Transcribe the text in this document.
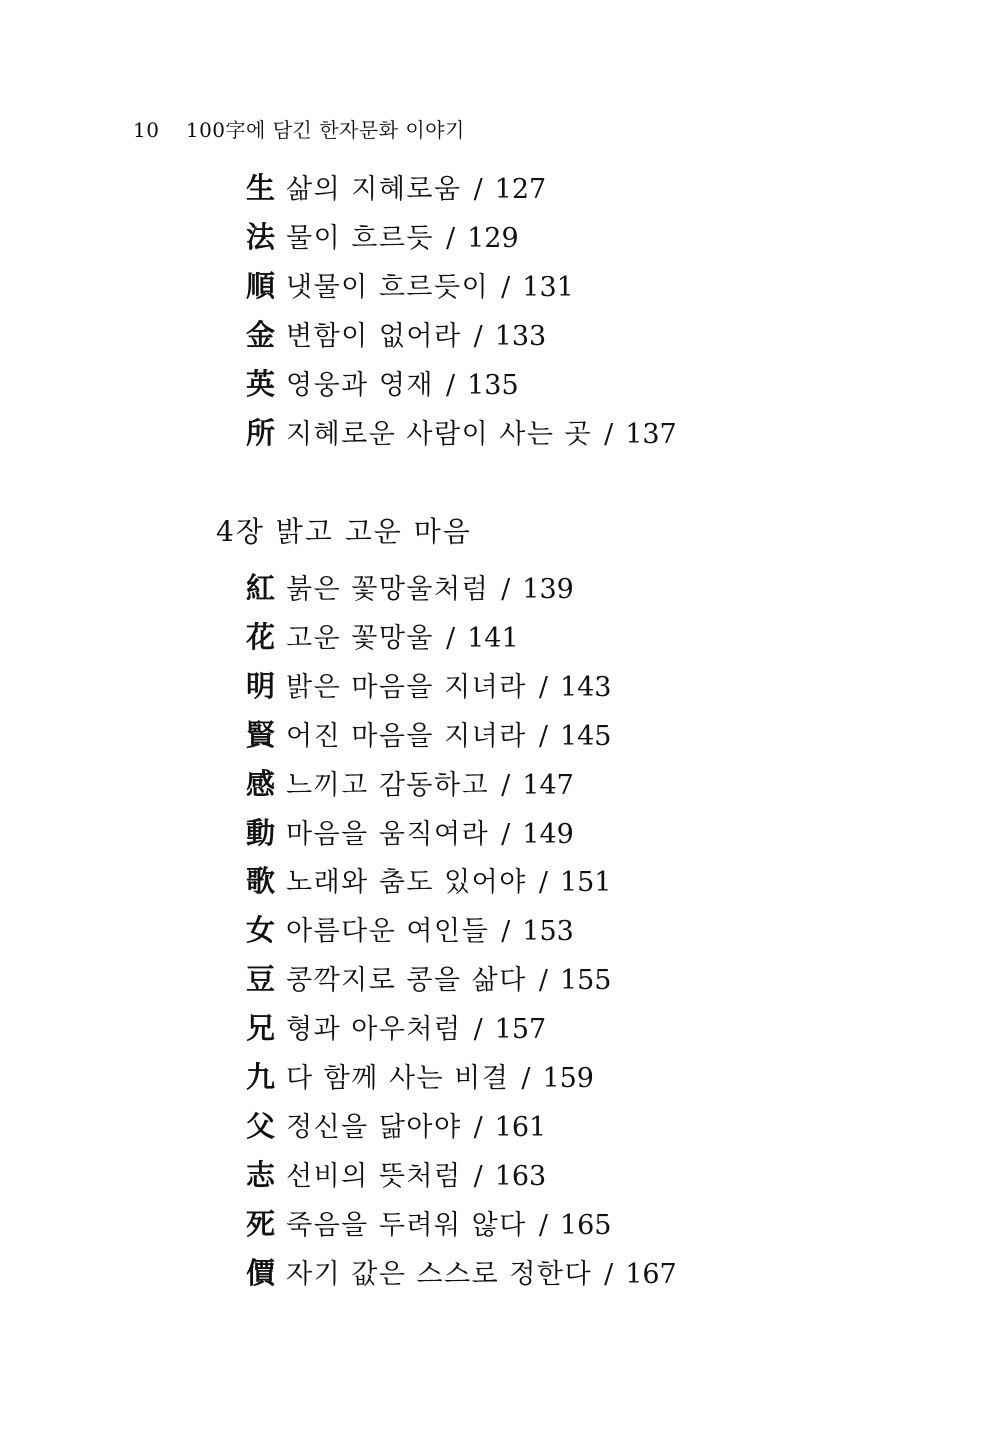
10 100字에 담긴 한자문화 이야기
生 삶의 지혜로움 / 127
法 물이 흐르듯 / 129
順 냇물이 흐르듯이 / 131
金 변함이 없어라 / 133
英 영웅과 영재 / 135
所 지혜로운 사람이 사는 곳 / 137
4장 밝고 고운 마음
紅 붉은 꽃망울처럼 / 139
花 고운 꽃망울 / 141
明 밝은 마음을 지녀라 / 143
賢 어진 마음을 지녀라 / 145
感 느끼고 감동하고 / 147
動 마음을 움직여라 / 149
歌 노래와 춤도 있어야 / 151
女 아름다운 여인들 / 153
豆 콩깍지로 콩을 삶다 / 155
兄 형과 아우처럼 / 157
九 다 함께 사는 비결 / 159
父 정신을 닮아야 / 161
志 선비의 뜻처럼 / 163
死 죽음을 두려워 않다 / 165
價 자기 값은 스스로 정한다 / 167
